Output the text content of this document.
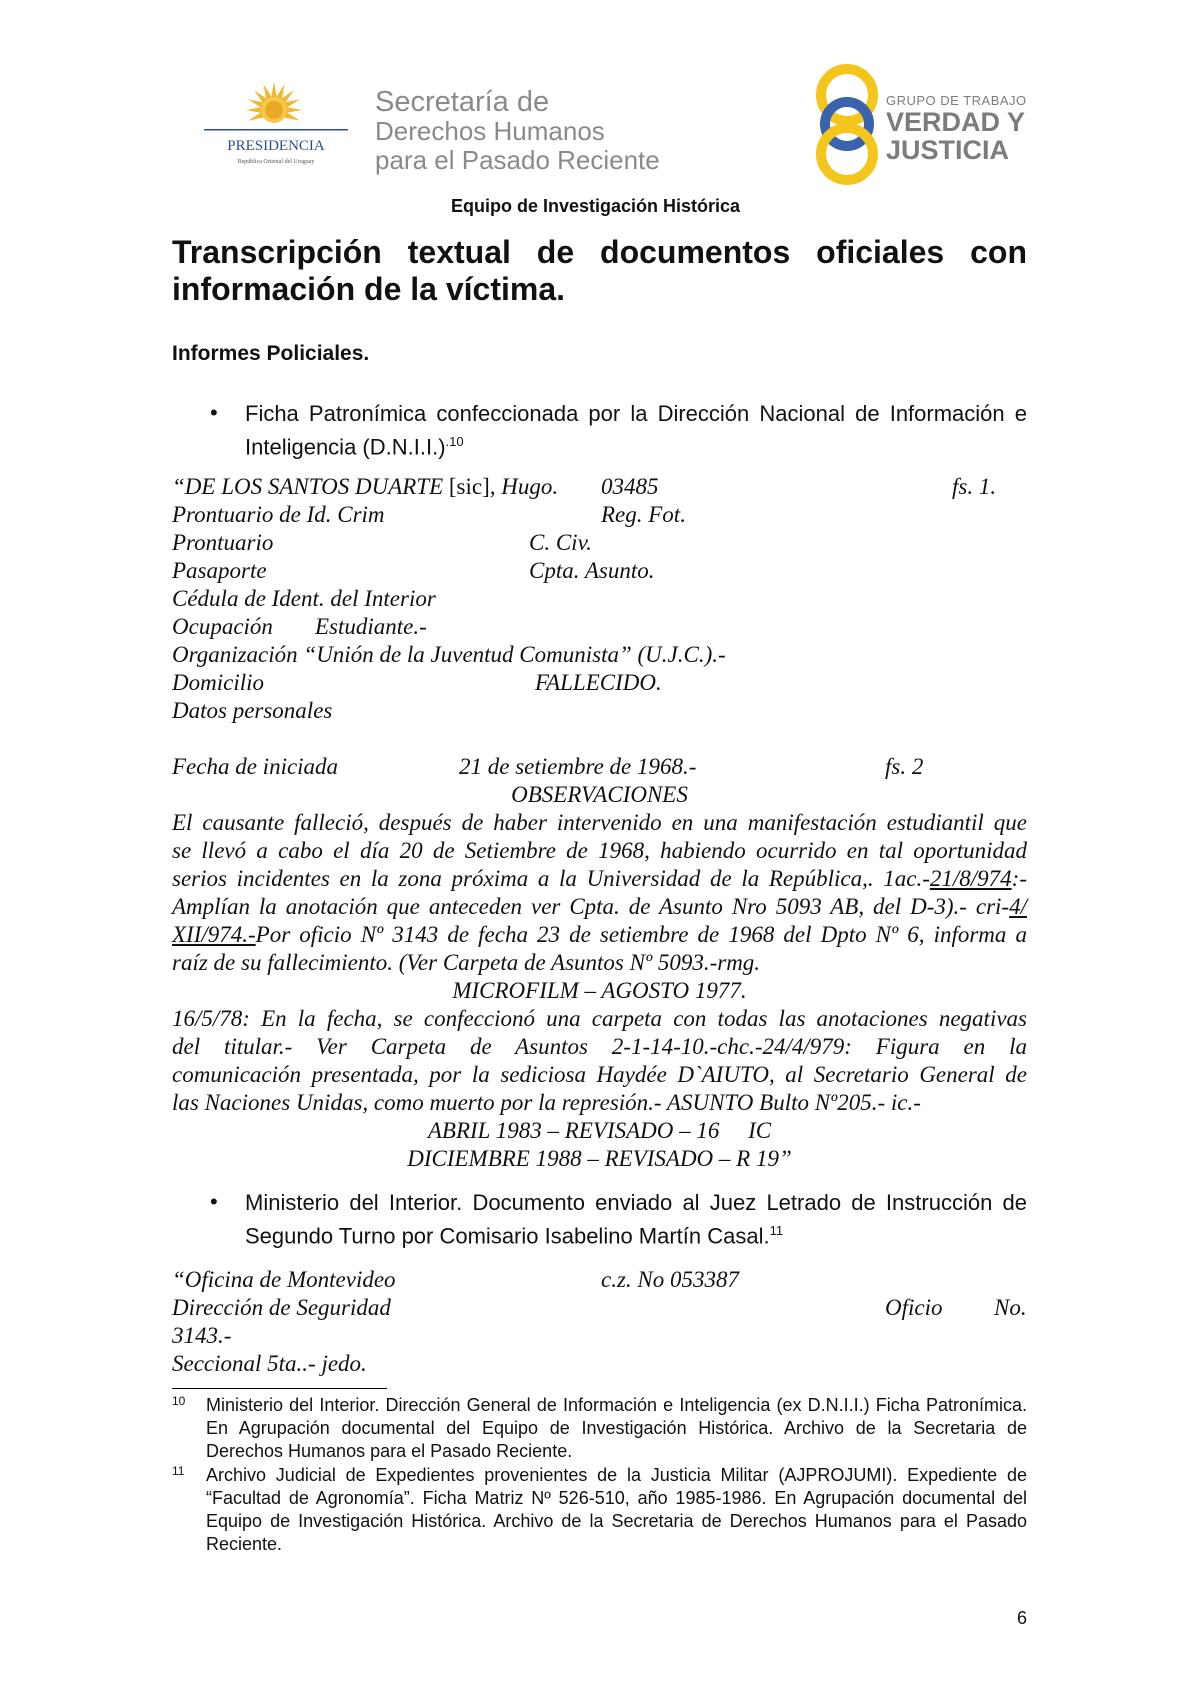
PRESIDENCIA
República Oriental del Uruguay
Secretaría de
Derechos Humanos
para el Pasado Reciente
GRUPO DE TRABAJO
VERDAD Y
JUSTICIA
Equipo de Investigación Histórica
Transcripción textual de documentos oficiales con información de la víctima.
Informes Policiales.
• Ficha Patronímica confeccionada por la Dirección Nacional de Información e Inteligencia $(D.N.I.I.)^{.10}$
“DE LOS SANTOS DUARTE [sic], Hugo. 03485	fs. 1.
Prontuario de Id. Crim	Reg. Fot.
Prontuario	C. Civ.
Pasaporte	Cpta. Asunto.
Cédula de Ident. del Interior
Ocupación Estudiante.-
Organización “Unión de la Juventud Comunista” (U.J.C.).-
Domicilio	FALLECIDO.
Datos personales
Fecha de iniciada	21 de setiembre de 1968.-	fs. 2
OBSERVACIONES
El causante falleció, después de haber intervenido en una manifestación estudiantil que
se llevó a cabo el día 20 de Setiembre de 1968, habiendo ocurrido en tal oportunidad
serios incidentes en la zona próxima a la Universidad de la República,. 1ac.-21/8/974:-
Amplían la anotación que anteceden ver Cpta. de Asunto Nro 5093 AB, del D-3).- cri-4/
XII/974.-Por oficio Nº 3143 de fecha 23 de setiembre de 1968 del Dpto Nº 6, informa a
raíz de su fallecimiento. (Ver Carpeta de Asuntos Nº 5093.-rmg.
MICROFILM – AGOSTO 1977.
16/5/78: En la fecha, se confeccionó una carpeta con todas las anotaciones negativas
del titular.- Ver Carpeta de Asuntos 2-1-14-10.-chc.-24/4/979: Figura en la
comunicación presentada, por la sediciosa Haydée D`AIUTO, al Secretario General de
las Naciones Unidas, como muerto por la represión.- ASUNTO Bulto Nº205.- ic.-
ABRIL 1983 – REVISADO – 16     IC
DICIEMBRE 1988 – REVISADO – R 19”
• Ministerio del Interior. Documento enviado al Juez Letrado de Instrucción de Segundo Turno por Comisario Isabelino Martín Casal.$^{11}$
“Oficina de Montevideo	c.z. No 053387
Dirección de Seguridad	Oficio No.
3143.-
Seccional 5ta..- jedo.
10 Ministerio del Interior. Dirección General de Información e Inteligencia (ex D.N.I.I.) Ficha Patronímica. En Agrupación documental del Equipo de Investigación Histórica. Archivo de la Secretaria de Derechos Humanos para el Pasado Reciente.
11 Archivo Judicial de Expedientes provenientes de la Justicia Militar (AJPROJUMI). Expediente de “Facultad de Agronomía”. Ficha Matriz Nº 526-510, año 1985-1986. En Agrupación documental del Equipo de Investigación Histórica. Archivo de la Secretaria de Derechos Humanos para el Pasado Reciente.
6
